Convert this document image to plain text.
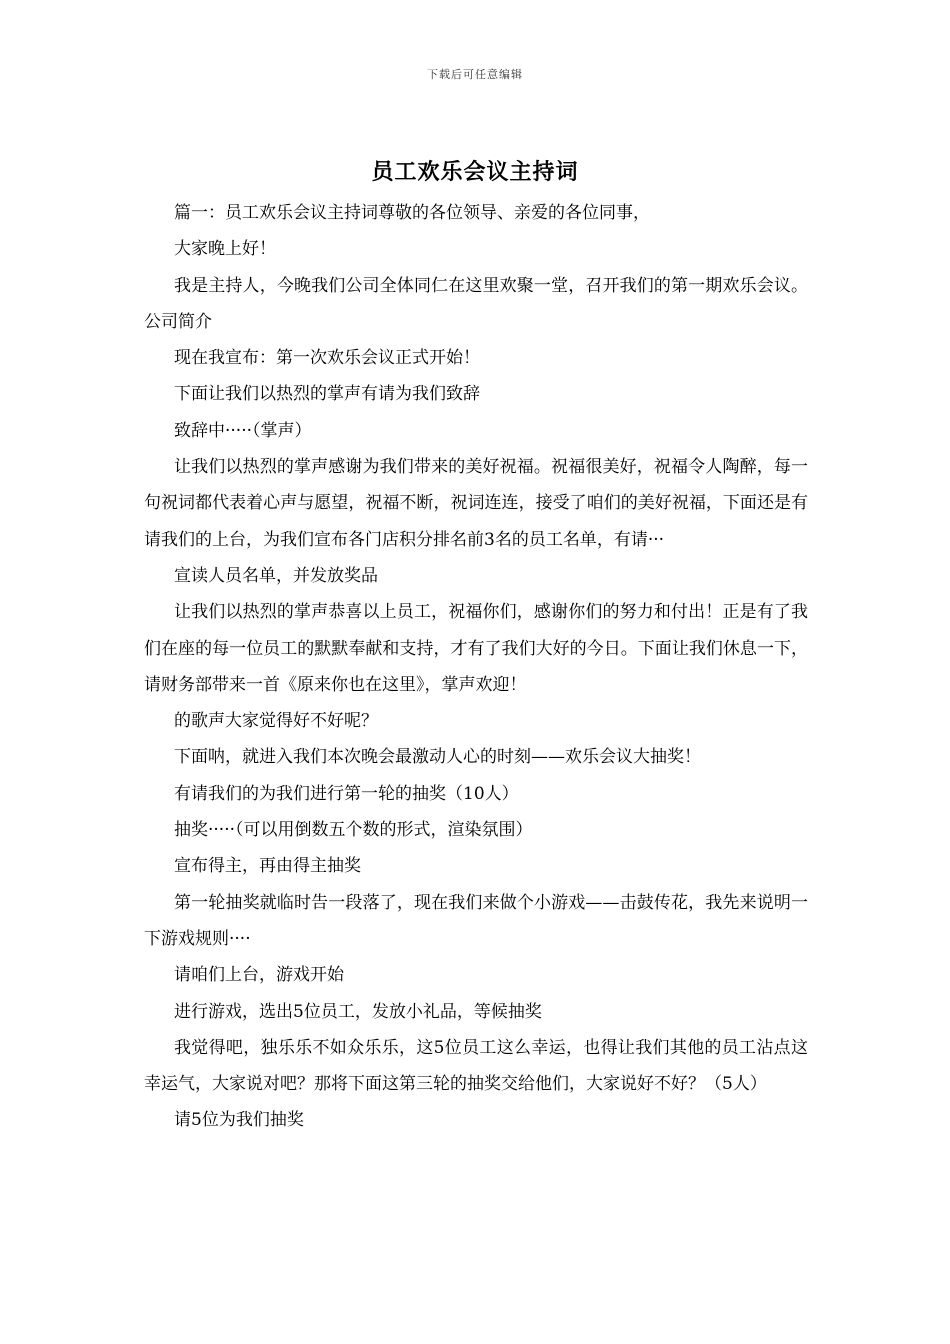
下载后可任意编辑
员工欢乐会议主持词

篇一：员工欢乐会议主持词尊敬的各位领导、亲爱的各位同事，

大家晚上好！

我是主持人，今晚我们公司全体同仁在这里欢聚一堂，召开我们的第一期欢乐会议。 公司简介

现在我宣布：第一次欢乐会议正式开始！

下面让我们以热烈的掌声有请为我们致辞

致辞中·····（掌声）

让我们以热烈的掌声感谢为我们带来的美好祝福。祝福很美好，祝福令人陶醉，每一句祝词都代表着心声与愿望，祝福不断，祝词连连，接受了咱们的美好祝福，下面还是有请我们的上台，为我们宣布各门店积分排名前3名的员工名单，有请···

宣读人员名单，并发放奖品

让我们以热烈的掌声恭喜以上员工，祝福你们，感谢你们的努力和付出！正是有了我们在座的每一位员工的默默奉献和支持，才有了我们大好的今日。下面让我们休息一下，请财务部带来一首《原来你也在这里》，掌声欢迎！

的歌声大家觉得好不好呢？

下面呐，就进入我们本次晚会最激动人心的时刻——欢乐会议大抽奖！

有请我们的为我们进行第一轮的抽奖（10人）

抽奖·····（可以用倒数五个数的形式，渲染氛围）

宣布得主，再由得主抽奖

第一轮抽奖就临时告一段落了，现在我们来做个小游戏——击鼓传花，我先来说明一下游戏规则····

请咱们上台，游戏开始

进行游戏，选出5位员工，发放小礼品，等候抽奖

我觉得吧，独乐乐不如众乐乐，这5位员工这么幸运，也得让我们其他的员工沾点这幸运气，大家说对吧？那将下面这第三轮的抽奖交给他们，大家说好不好？（5人）

请5位为我们抽奖
